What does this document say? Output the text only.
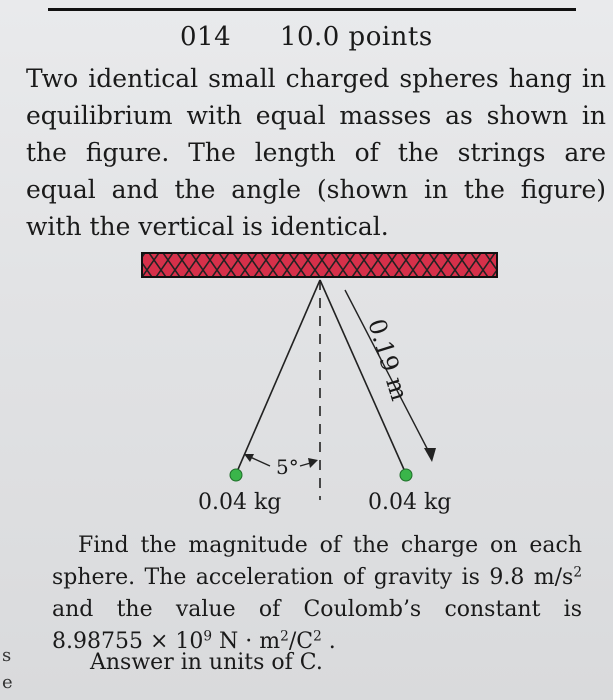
014 10.0 points
Two identical small charged spheres hang in equilibrium with equal masses as shown in the figure. The length of the strings are equal and the angle (shown in the figure) with the vertical is identical.
0.19 m
5°
0.04 kg	0.04 kg
Find the magnitude of the charge on each sphere. The acceleration of gravity is 9.8 $m/s^2$ and the value of Coulomb’s constant is $8.98755 \times 10^9$ $N \cdot m^2/C^2$ .
Answer in units of C.
s
e
